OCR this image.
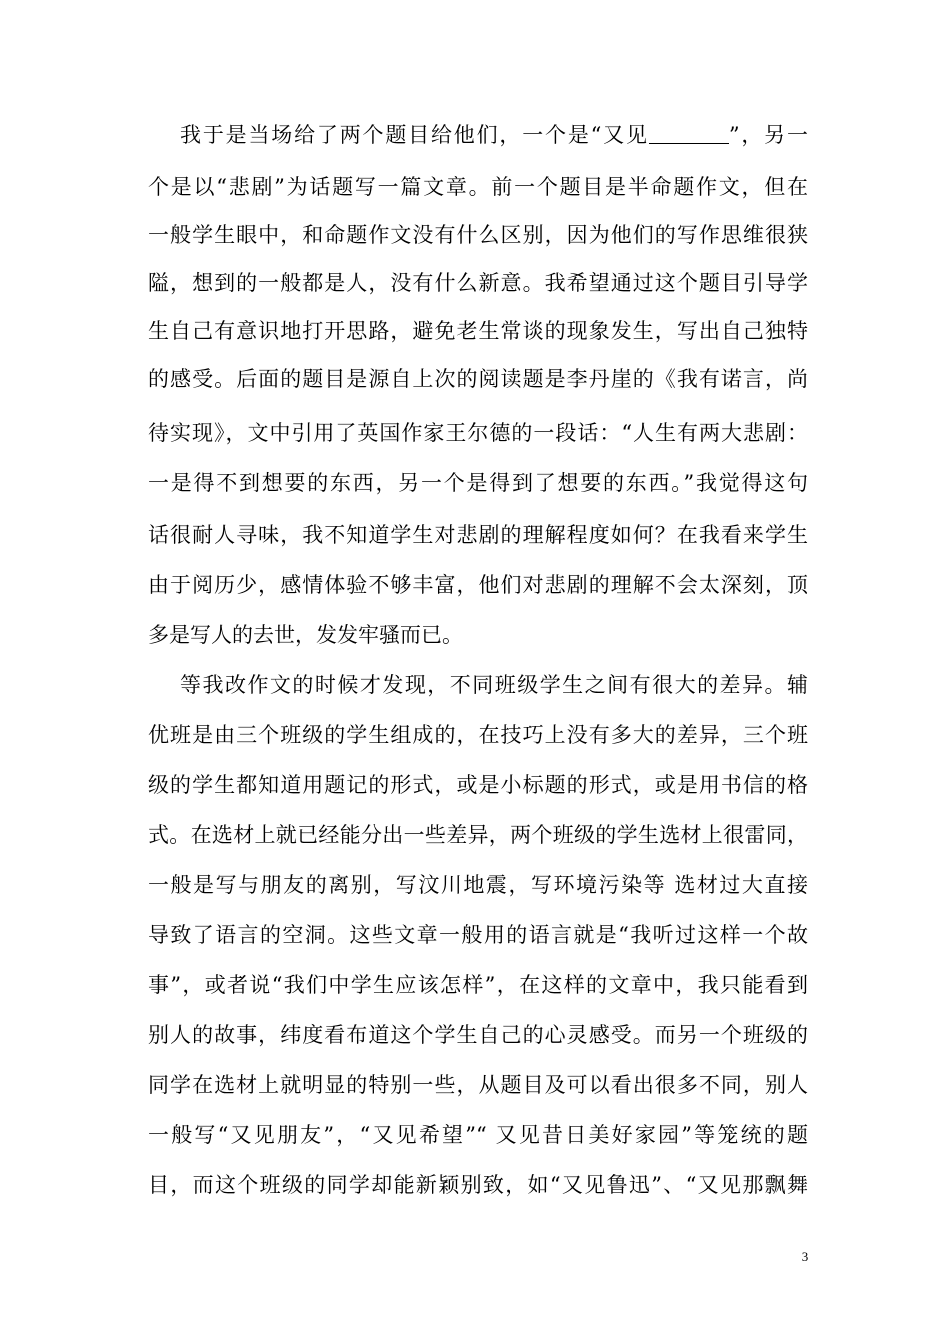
我于是当场给了两个题目给他们，一个是“又见	”，另一
个是以“悲剧”为话题写一篇文章。前一个题目是半命题作文，但在
一般学生眼中，和命题作文没有什么区别，因为他们的写作思维很狭
隘，想到的一般都是人，没有什么新意。我希望通过这个题目引导学
生自己有意识地打开思路，避免老生常谈的现象发生，写出自己独特
的感受。后面的题目是源自上次的阅读题是李丹崖的《我有诺言，尚
待实现》，文中引用了英国作家王尔德的一段话：“人生有两大悲剧：
一是得不到想要的东西，另一个是得到了想要的东西。”我觉得这句
话很耐人寻味，我不知道学生对悲剧的理解程度如何？在我看来学生
由于阅历少，感情体验不够丰富，他们对悲剧的理解不会太深刻，顶
多是写人的去世，发发牢骚而已。
等我改作文的时候才发现，不同班级学生之间有很大的差异。辅
优班是由三个班级的学生组成的，在技巧上没有多大的差异，三个班
级的学生都知道用题记的形式，或是小标题的形式，或是用书信的格
式。在选材上就已经能分出一些差异，两个班级的学生选材上很雷同，
一般是写与朋友的离别，写汶川地震，写环境污染等 选材过大直接
导致了语言的空洞。这些文章一般用的语言就是“我听过这样一个故
事”，或者说“我们中学生应该怎样”，在这样的文章中，我只能看到
别人的故事，纬度看布道这个学生自己的心灵感受。而另一个班级的
同学在选材上就明显的特别一些，从题目及可以看出很多不同，别人
一般写“又见朋友”，“又见希望”“ 又见昔日美好家园”等笼统的题
目，而这个班级的同学却能新颖别致，如“又见鲁迅”、“又见那飘舞
3
